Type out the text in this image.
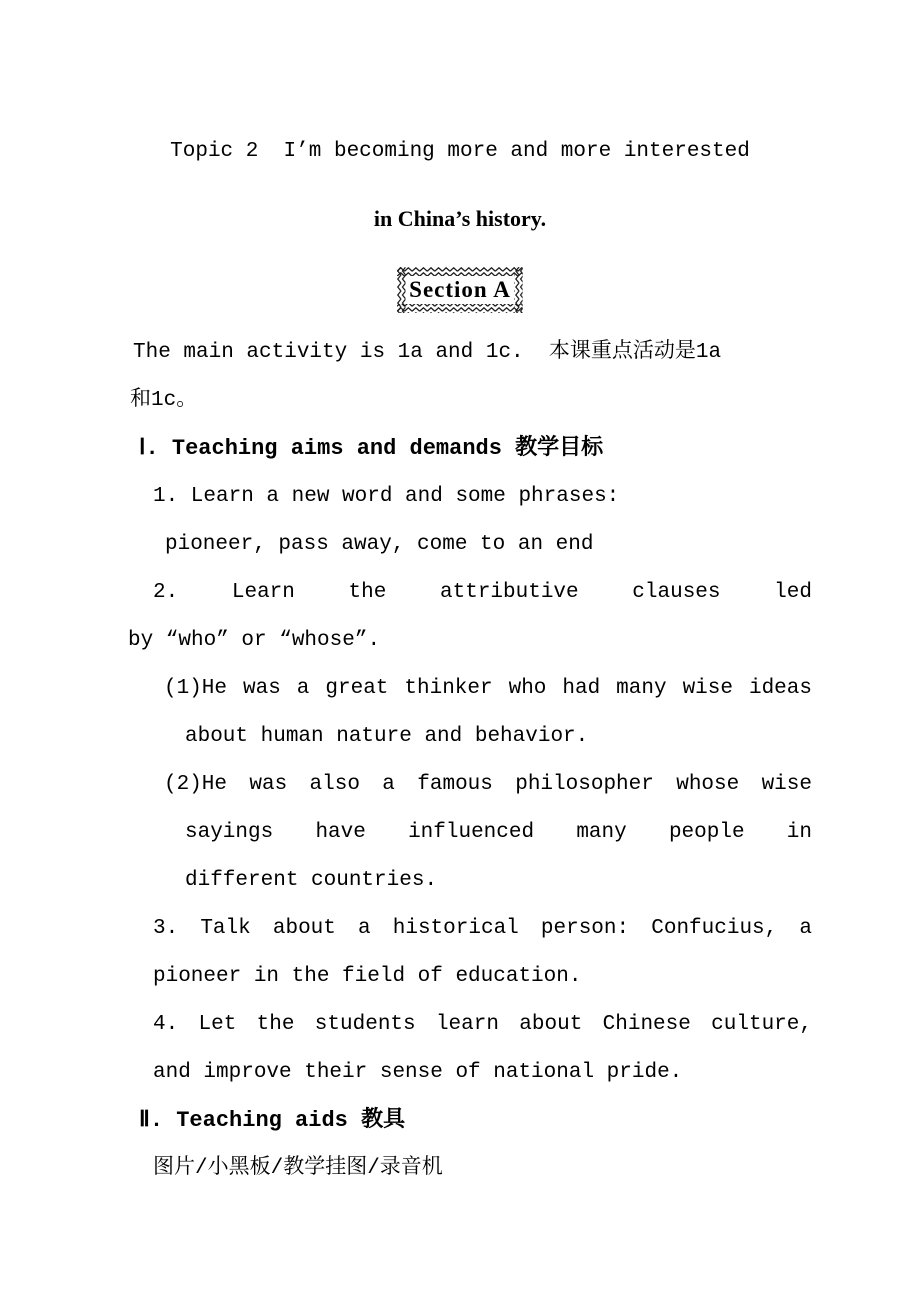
Topic 2  I’m becoming more and more interested
in China’s history.
Section A
The main activity is 1a and 1c.  本课重点活动是1a
和1c。
Ⅰ. Teaching aims and demands 教学目标
1. Learn a new word and some phrases:
pioneer, pass away, come to an end
2. Learn the attributive clauses led
by “who” or “whose”.
(1)He was a great thinker who had many wise ideas
about human nature and behavior.
(2)He was also a famous philosopher whose wise
sayings have influenced many people in
different countries.
3. Talk about a historical person: Confucius, a
pioneer in the field of education.
4. Let the students learn about Chinese culture,
and improve their sense of national pride.
Ⅱ. Teaching aids 教具
图片/小黑板/教学挂图/录音机
